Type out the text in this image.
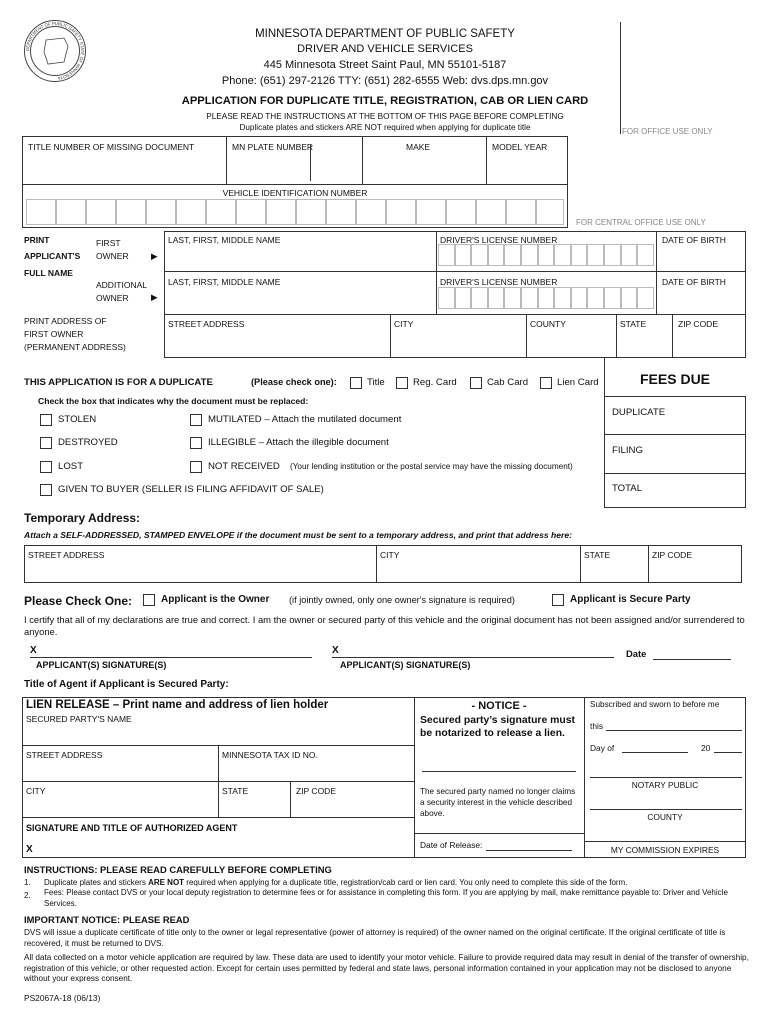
DEPARTMENT OF PUBLIC SAFETY STATE OF MINNESOTA
MINNESOTA DEPARTMENT OF PUBLIC SAFETY
DRIVER AND VEHICLE SERVICES
445 Minnesota Street Saint Paul, MN 55101-5187
Phone: (651) 297-2126 TTY: (651) 282-6555 Web: dvs.dps.mn.gov
APPLICATION FOR DUPLICATE TITLE, REGISTRATION, CAB OR LIEN CARD
PLEASE READ THE INSTRUCTIONS AT THE BOTTOM OF THIS PAGE BEFORE COMPLETING
Duplicate plates and stickers ARE NOT required when applying for duplicate title	FOR OFFICE USE ONLY
TITLE NUMBER OF MISSING DOCUMENT	MN PLATE NUMBER	MAKE	MODEL YEAR
VEHICLE IDENTIFICATION NUMBER
FOR CENTRAL OFFICE USE ONLY
PRINT
APPLICANT'S
FULL NAME
FIRST
OWNER	▶
ADDITIONAL
OWNER	▶
LAST, FIRST, MIDDLE NAME	DRIVER'S LICENSE NUMBER	DATE OF BIRTH
LAST, FIRST, MIDDLE NAME	DRIVER'S LICENSE NUMBER	DATE OF BIRTH
PRINT ADDRESS OF
FIRST OWNER
(PERMANENT ADDRESS)
STREET ADDRESS	CITY	COUNTY	STATE	ZIP CODE
THIS APPLICATION IS FOR A DUPLICATE	(Please check one):	Title	Reg. Card	Cab Card	Lien Card
Check the box that indicates why the document must be replaced:
STOLEN
DESTROYED
LOST
GIVEN TO BUYER (SELLER IS FILING AFFIDAVIT OF SALE)
MUTILATED – Attach the mutilated document
ILLEGIBLE – Attach the illegible document
NOT RECEIVED (Your lending institution or the postal service may have the missing document)
FEES DUE
DUPLICATE
FILING
TOTAL
Temporary Address:
Attach a SELF-ADDRESSED, STAMPED ENVELOPE if the document must be sent to a temporary address, and print that address here:
STREET ADDRESS	CITY	STATE	ZIP CODE
Please Check One:	Applicant is the Owner (if jointly owned, only one owner's signature is required)	Applicant is Secure Party
I certify that all of my declarations are true and correct. I am the owner or secured party of this vehicle and the original document has not been assigned and/or surrendered to anyone.
X
APPLICANT(S) SIGNATURE(S)
X
APPLICANT(S) SIGNATURE(S)
Date
Title of Agent if Applicant is Secured Party:
LIEN RELEASE – Print name and address of lien holder
SECURED PARTY'S NAME
STREET ADDRESS	MINNESOTA TAX ID NO.
CITY	STATE	ZIP CODE
SIGNATURE AND TITLE OF AUTHORIZED AGENT
X
- NOTICE -
Secured party’s signature must be notarized to release a lien.
The secured party named no longer claims a security interest in the vehicle described above.
Date of Release:
Subscribed and sworn to before me
this
Day of	20
NOTARY PUBLIC
COUNTY
MY COMMISSION EXPIRES
INSTRUCTIONS: PLEASE READ CAREFULLY BEFORE COMPLETING
1. Duplicate plates and stickers ARE NOT required when applying for a duplicate title, registration/cab card or lien card. You only need to complete this side of the form.
2. Fees: Please contact DVS or your local deputy registration to determine fees or for assistance in completing this form. If you are applying by mail, make remittance payable to: Driver and Vehicle Services.
IMPORTANT NOTICE: PLEASE READ
DVS will issue a duplicate certificate of title only to the owner or legal representative (power of attorney is required) of the owner named on the original certificate. If the original certificate of title is recovered, it must be returned to DVS.
All data collected on a motor vehicle application are required by law. These data are used to identify your motor vehicle. Failure to provide required data may result in denial of the transfer of ownership, registration of this vehicle, or other requested action. Except for certain uses permitted by federal and state laws, personal information contained in your application may not be disclosed to anyone without your express consent.
PS2067A-18 (06/13)
